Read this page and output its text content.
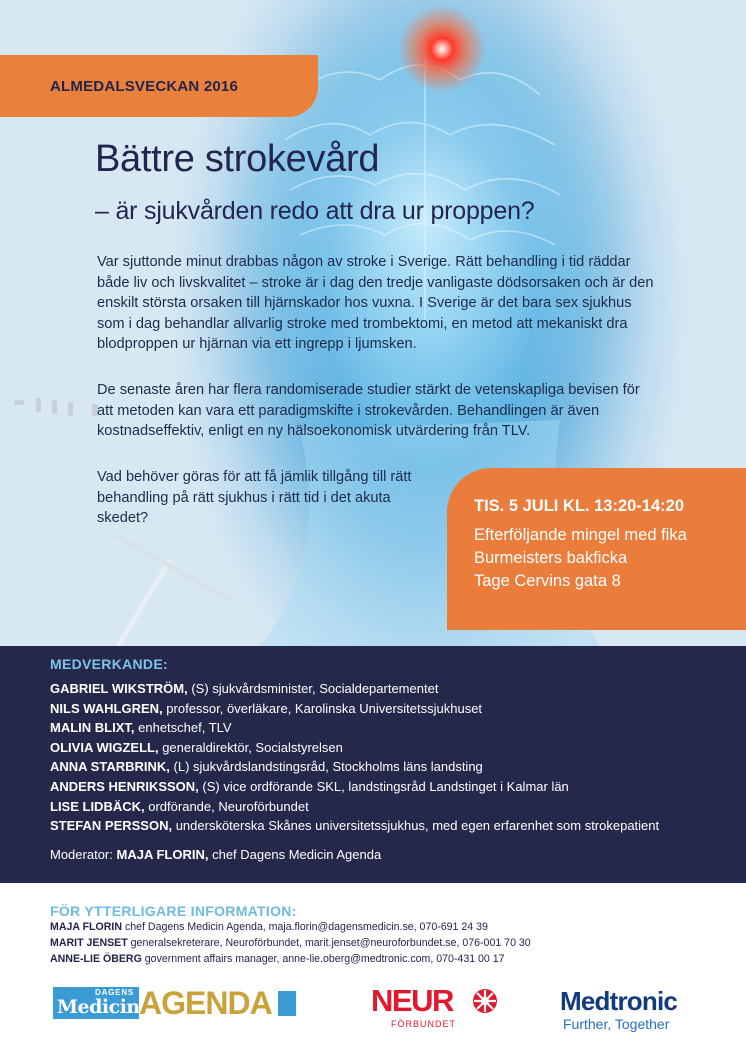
ALMEDALSVECKAN 2016
Bättre strokevård
– är sjukvården redo att dra ur proppen?

Var sjuttonde minut drabbas någon av stroke i Sverige. Rätt behandling i tid räddar både liv och livskvalitet – stroke är i dag den tredje vanligaste dödsorsaken och är den enskilt största orsaken till hjärnskador hos vuxna. I Sverige är det bara sex sjukhus som i dag behandlar allvarlig stroke med trombektomi, en metod att mekaniskt dra blodproppen ur hjärnan via ett ingrepp i ljumsken.

De senaste åren har flera randomiserade studier stärkt de vetenskapliga bevisen för att metoden kan vara ett paradigmskifte i strokevården. Behandlingen är även kostnadseffektiv, enligt en ny hälsoekonomisk utvärdering från TLV.

Vad behöver göras för att få jämlik tillgång till rätt behandling på rätt sjukhus i rätt tid i det akuta skedet?

TIS. 5 JULI KL. 13:20-14:20
Efterföljande mingel med fika
Burmeisters bakficka
Tage Cervins gata 8
MEDVERKANDE:
GABRIEL WIKSTRÖM, (S) sjukvårdsminister, Socialdepartementet
NILS WAHLGREN, professor, överläkare, Karolinska Universitetssjukhuset
MALIN BLIXT, enhetschef, TLV
OLIVIA WIGZELL, generaldirektör, Socialstyrelsen
ANNA STARBRINK, (L) sjukvårdslandstingsråd, Stockholms läns landsting
ANDERS HENRIKSSON, (S) vice ordförande SKL, landstingsråd Landstinget i Kalmar län
LISE LIDBÄCK, ordförande, Neuroförbundet
STEFAN PERSSON, undersköterska Skånes universitetssjukhus, med egen erfarenhet som strokepatient
Moderator: MAJA FLORIN, chef Dagens Medicin Agenda
FÖR YTTERLIGARE INFORMATION:
MAJA FLORIN chef Dagens Medicin Agenda, maja.florin@dagensmedicin.se, 070-691 24 39
MARIT JENSET generalsekreterare, Neuroförbundet, marit.jenset@neuroforbundet.se, 076-001 70 30
ANNE-LIE ÖBERG government affairs manager, anne-lie.oberg@medtronic.com, 070-431 00 17
DAGENS
Medicin AGENDA	NEUR
FÖRBUNDET
Medtronic
Further, Together
